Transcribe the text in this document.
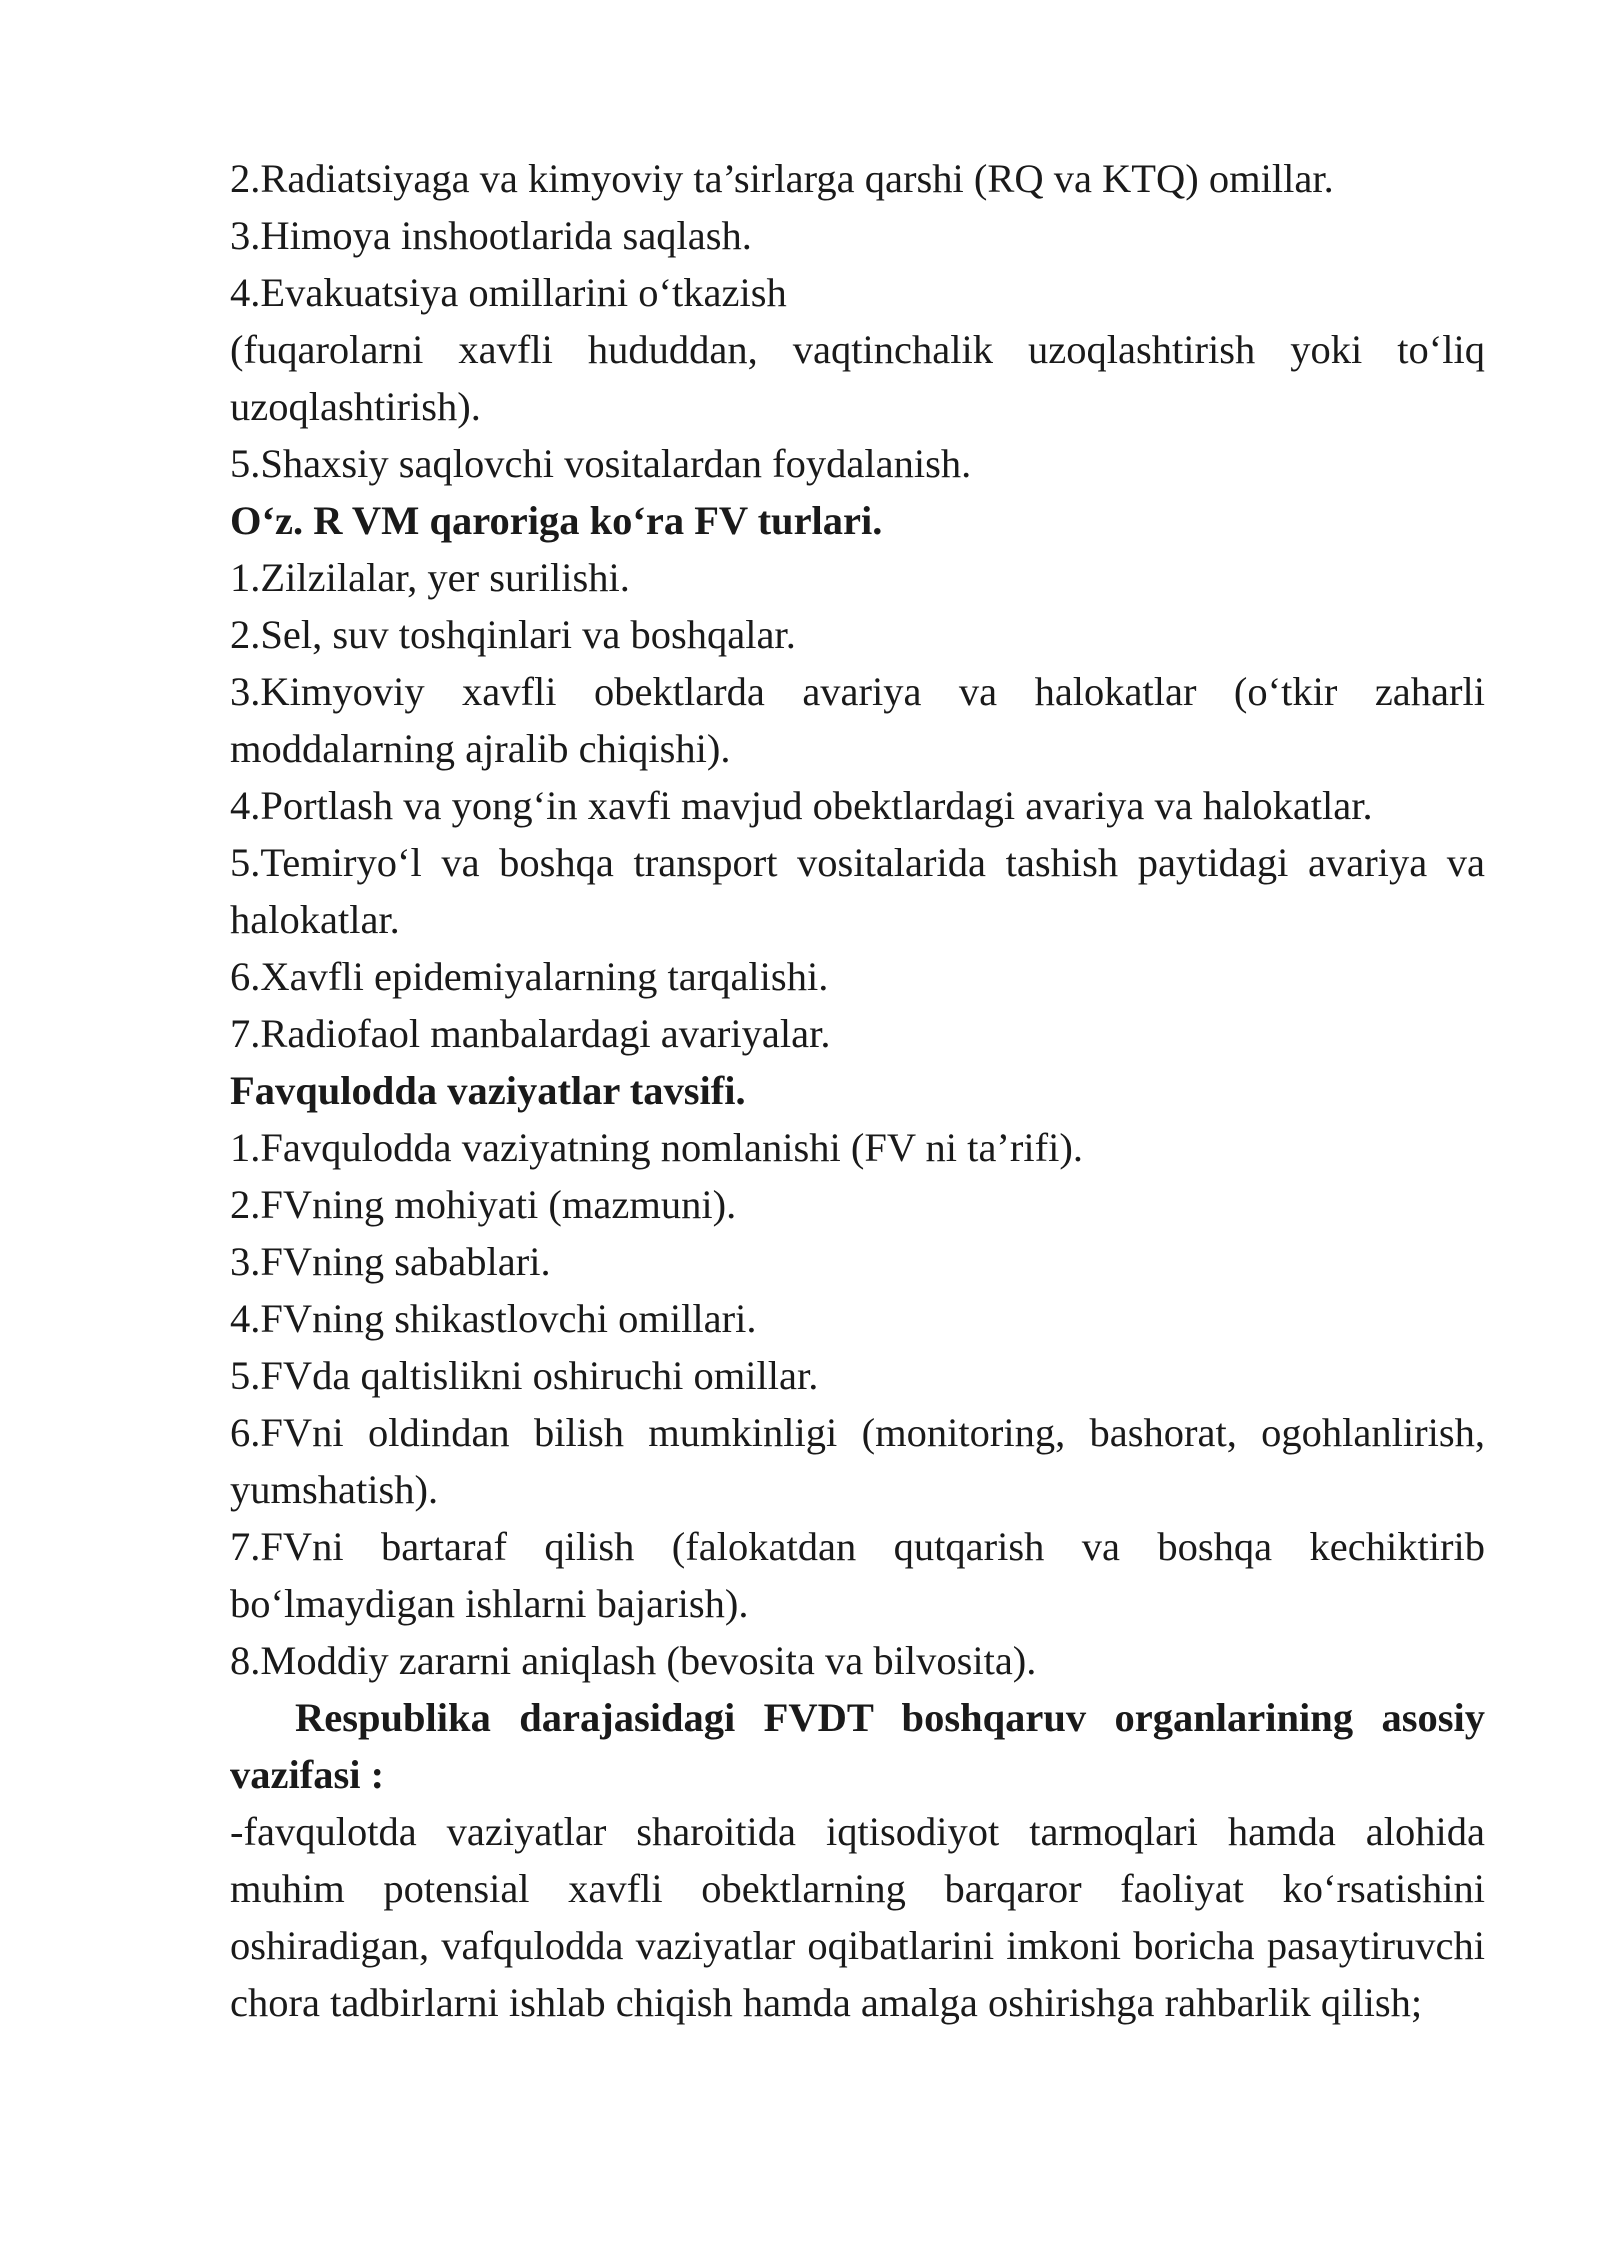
2.Radiatsiyaga va kimyoviy ta’sirlarga qarshi (RQ va KTQ) omillar.
3.Himoya inshootlarida saqlash.
4.Evakuatsiya omillarini o‘tkazish

(fuqarolarni xavfli hududdan, vaqtinchalik uzoqlashtirish yoki to‘liq uzoqlashtirish).

5.Shaxsiy saqlovchi vositalardan foydalanish.
O‘z. R VM qaroriga ko‘ra FV turlari.
1.Zilzilalar, yer surilishi.
2.Sel, suv toshqinlari va boshqalar.

3.Kimyoviy xavfli obektlarda avariya va halokatlar (o‘tkir zaharli moddalarning ajralib chiqishi).

4.Portlash va yong‘in xavfi mavjud obektlardagi avariya va halokatlar.

5.Temiryo‘l va boshqa transport vositalarida tashish paytidagi avariya va halokatlar.

6.Xavfli epidemiyalarning tarqalishi.
7.Radiofaol manbalardagi avariyalar.
Favqulodda vaziyatlar tavsifi.
1.Favqulodda vaziyatning nomlanishi (FV ni ta’rifi).
2.FVning mohiyati (mazmuni).
3.FVning sabablari.
4.FVning shikastlovchi omillari.
5.FVda qaltislikni oshiruchi omillar.

6.FVni oldindan bilish mumkinligi (monitoring, bashorat, ogohlanlirish, yumshatish).

7.FVni bartaraf qilish (falokatdan qutqarish va boshqa kechiktirib bo‘lmaydigan ishlarni bajarish).

8.Moddiy zararni aniqlash (bevosita va bilvosita).

Respublika darajasidagi FVDT boshqaruv organlarining asosiy vazifasi :

-favqulotda vaziyatlar sharoitida iqtisodiyot tarmoqlari hamda alohida muhim potensial xavfli obektlarning barqaror faoliyat ko‘rsatishini oshiradigan, vafqulodda vaziyatlar oqibatlarini imkoni boricha pasaytiruvchi chora tadbirlarni ishlab chiqish hamda amalga oshirishga rahbarlik qilish;
